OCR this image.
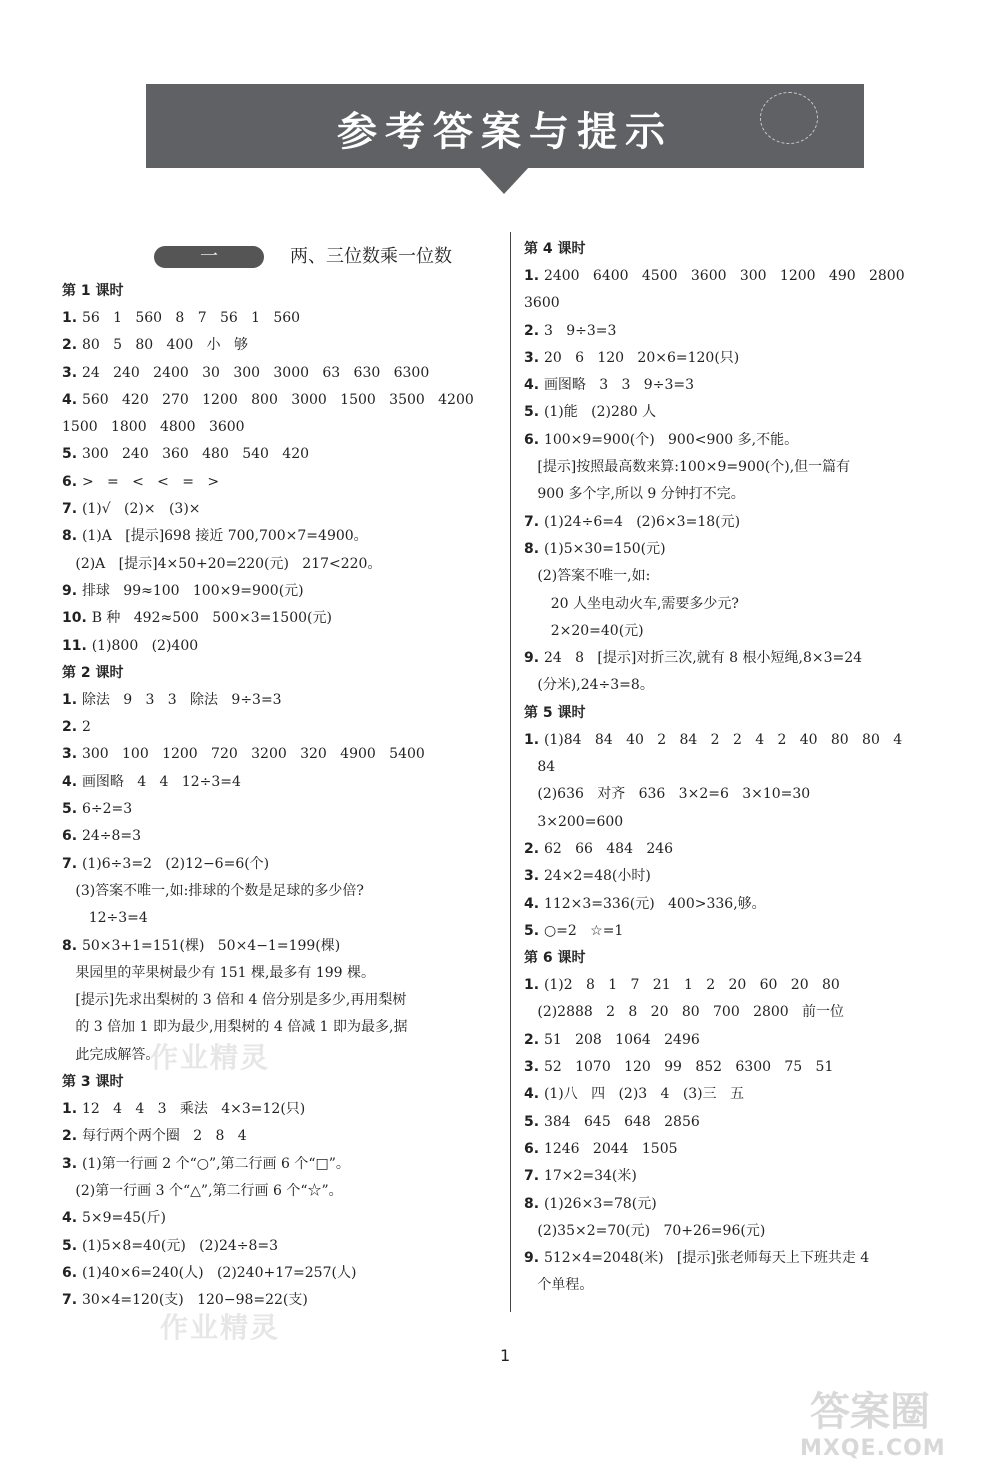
参考答案与提示
一	两、三位数乘一位数
第 1 课时
1. 56   1   560   8   7   56   1   560
2. 80   5   80   400   小   够
3. 24   240   2400   30   300   3000   63   630   6300
4. 560   420   270   1200   800   3000   1500   3500   4200
1500   1800   4800   3600
5. 300   240   360   480   540   420
6. >   =   <   <   =   >
7. (1)√   (2)×   (3)×
8. (1)A   [提示]698 接近 700,700×7=4900。
(2)A   [提示]4×50+20=220(元)   217<220。
9. 排球   99≈100   100×9=900(元)
10. B 种   492≈500   500×3=1500(元)
11. (1)800   (2)400
第 2 课时
1. 除法   9   3   3   除法   9÷3=3
2. 2
3. 300   100   1200   720   3200   320   4900   5400
4. 画图略   4   4   12÷3=4
5. 6÷2=3
6. 24÷8=3
7. (1)6÷3=2   (2)12−6=6(个)
(3)答案不唯一,如:排球的个数是足球的多少倍?
12÷3=4
8. 50×3+1=151(棵)   50×4−1=199(棵)
果园里的苹果树最少有 151 棵,最多有 199 棵。
[提示]先求出梨树的 3 倍和 4 倍分别是多少,再用梨树
的 3 倍加 1 即为最少,用梨树的 4 倍减 1 即为最多,据
此完成解答。
第 3 课时
1. 12   4   4   3   乘法   4×3=12(只)
2. 每行两个两个圈   2   8   4
3. (1)第一行画 2 个“○”,第二行画 6 个“□”。
(2)第一行画 3 个“△”,第二行画 6 个“☆”。
4. 5×9=45(斤)
5. (1)5×8=40(元)   (2)24÷8=3
6. (1)40×6=240(人)   (2)240+17=257(人)
7. 30×4=120(支)   120−98=22(支)
第 4 课时
1. 2400   6400   4500   3600   300   1200   490   2800
3600
2. 3   9÷3=3
3. 20   6   120   20×6=120(只)
4. 画图略   3   3   9÷3=3
5. (1)能   (2)280 人
6. 100×9=900(个)   900<900 多,不能。
[提示]按照最高数来算:100×9=900(个),但一篇有
900 多个字,所以 9 分钟打不完。
7. (1)24÷6=4   (2)6×3=18(元)
8. (1)5×30=150(元)
(2)答案不唯一,如:
20 人坐电动火车,需要多少元?
2×20=40(元)
9. 24   8   [提示]对折三次,就有 8 根小短绳,8×3=24
(分米),24÷3=8。
第 5 课时
1. (1)84   84   40   2   84   2   2   4   2   40   80   80   4
84
(2)636   对齐   636   3×2=6   3×10=30
3×200=600
2. 62   66   484   246
3. 24×2=48(小时)
4. 112×3=336(元)   400>336,够。
5. ○=2   ☆=1
第 6 课时
1. (1)2   8   1   7   21   1   2   20   60   20   80
(2)2888   2   8   20   80   700   2800   前一位
2. 51   208   1064   2496
3. 52   1070   120   99   852   6300   75   51
4. (1)八   四   (2)3   4   (3)三   五
5. 384   645   648   2856
6. 1246   2044   1505
7. 17×2=34(米)
8. (1)26×3=78(元)
(2)35×2=70(元)   70+26=96(元)
9. 512×4=2048(米)   [提示]张老师每天上下班共走 4
个单程。
1
作业精灵
作业精灵
答案圈
MXQE.COM
